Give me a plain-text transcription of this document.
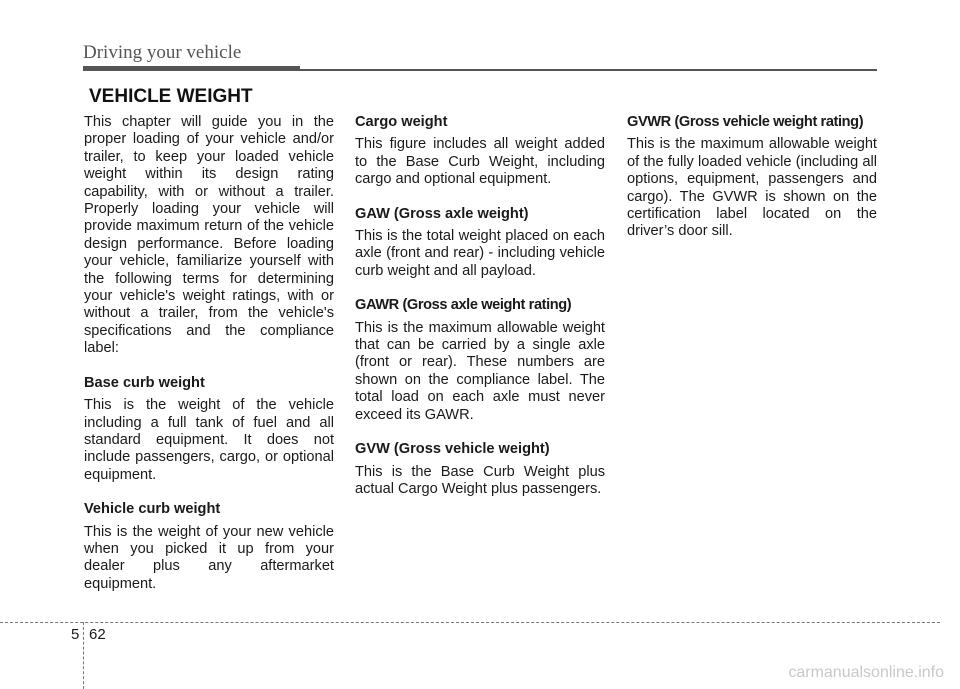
Driving your vehicle
VEHICLE WEIGHT

This chapter will guide you in the proper loading of your vehicle and/or trailer, to keep your loaded vehicle weight within its design rating capability, with or without a trailer. Properly loading your vehicle will provide maximum return of the vehicle design performance. Before loading your vehicle, familiarize yourself with the following terms for determining your vehicle's weight ratings, with or without a trailer, from the vehicle's specifications and the compliance label:

Base curb weight

This is the weight of the vehicle including a full tank of fuel and all standard equipment. It does not include passengers, cargo, or optional equipment.

Vehicle curb weight

This is the weight of your new vehicle when you picked it up from your dealer plus any aftermarket equipment.

Cargo weight

This figure includes all weight added to the Base Curb Weight, including cargo and optional equipment.

GAW (Gross axle weight)

This is the total weight placed on each axle (front and rear) - including vehicle curb weight and all payload.

GAWR (Gross axle weight rating)

This is the maximum allowable weight that can be carried by a single axle (front or rear). These numbers are shown on the compliance label. The total load on each axle must never exceed its GAWR.

GVW (Gross vehicle weight)

This is the Base Curb Weight plus actual Cargo Weight plus passengers.

GVWR (Gross vehicle weight rating)

This is the maximum allowable weight of the fully loaded vehicle (including all options, equipment, passengers and cargo). The GVWR is shown on the certification label located on the driver’s door sill.

5 62
carmanualsonline.info
